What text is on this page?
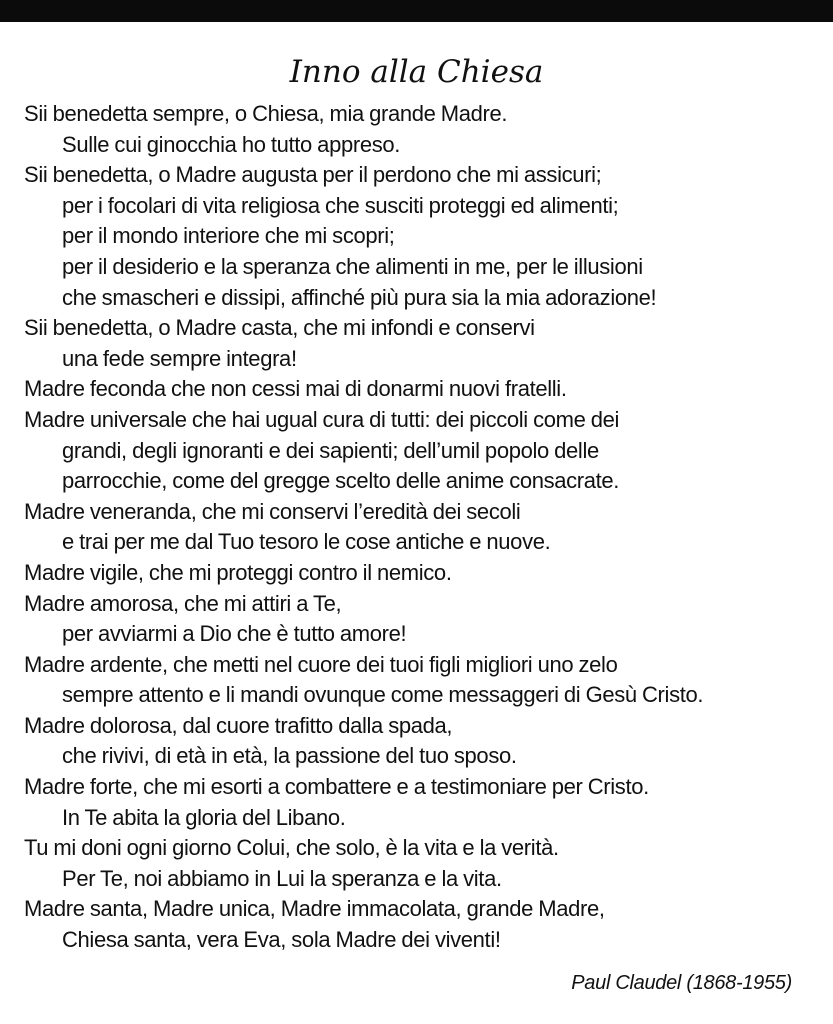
Inno alla Chiesa
Sii benedetta sempre, o Chiesa, mia grande Madre.
Sulle cui ginocchia ho tutto appreso.
Sii benedetta, o Madre augusta per il perdono che mi assicuri;
per i focolari di vita religiosa che susciti proteggi ed alimenti;
per il mondo interiore che mi scopri;
per il desiderio e la speranza che alimenti in me, per le illusioni
che smascheri e dissipi, affinché più pura sia la mia adorazione!
Sii benedetta, o Madre casta, che mi infondi e conservi
una fede sempre integra!
Madre feconda che non cessi mai di donarmi nuovi fratelli.
Madre universale che hai ugual cura di tutti: dei piccoli come dei
grandi, degli ignoranti e dei sapienti; dell’umil popolo delle
parrocchie, come del gregge scelto delle anime consacrate.
Madre veneranda, che mi conservi l’eredità dei secoli
e trai per me dal Tuo tesoro le cose antiche e nuove.
Madre vigile, che mi proteggi contro il nemico.
Madre amorosa, che mi attiri a Te,
per avviarmi a Dio che è tutto amore!
Madre ardente, che metti nel cuore dei tuoi figli migliori uno zelo
sempre attento e li mandi ovunque come messaggeri di Gesù Cristo.
Madre dolorosa, dal cuore trafitto dalla spada,
che rivivi, di età in età, la passione del tuo sposo.
Madre forte, che mi esorti a combattere e a testimoniare per Cristo.
In Te abita la gloria del Libano.
Tu mi doni ogni giorno Colui, che solo, è la vita e la verità.
Per Te, noi abbiamo in Lui la speranza e la vita.
Madre santa, Madre unica, Madre immacolata, grande Madre,
Chiesa santa, vera Eva, sola Madre dei viventi!
Paul Claudel (1868-1955)
